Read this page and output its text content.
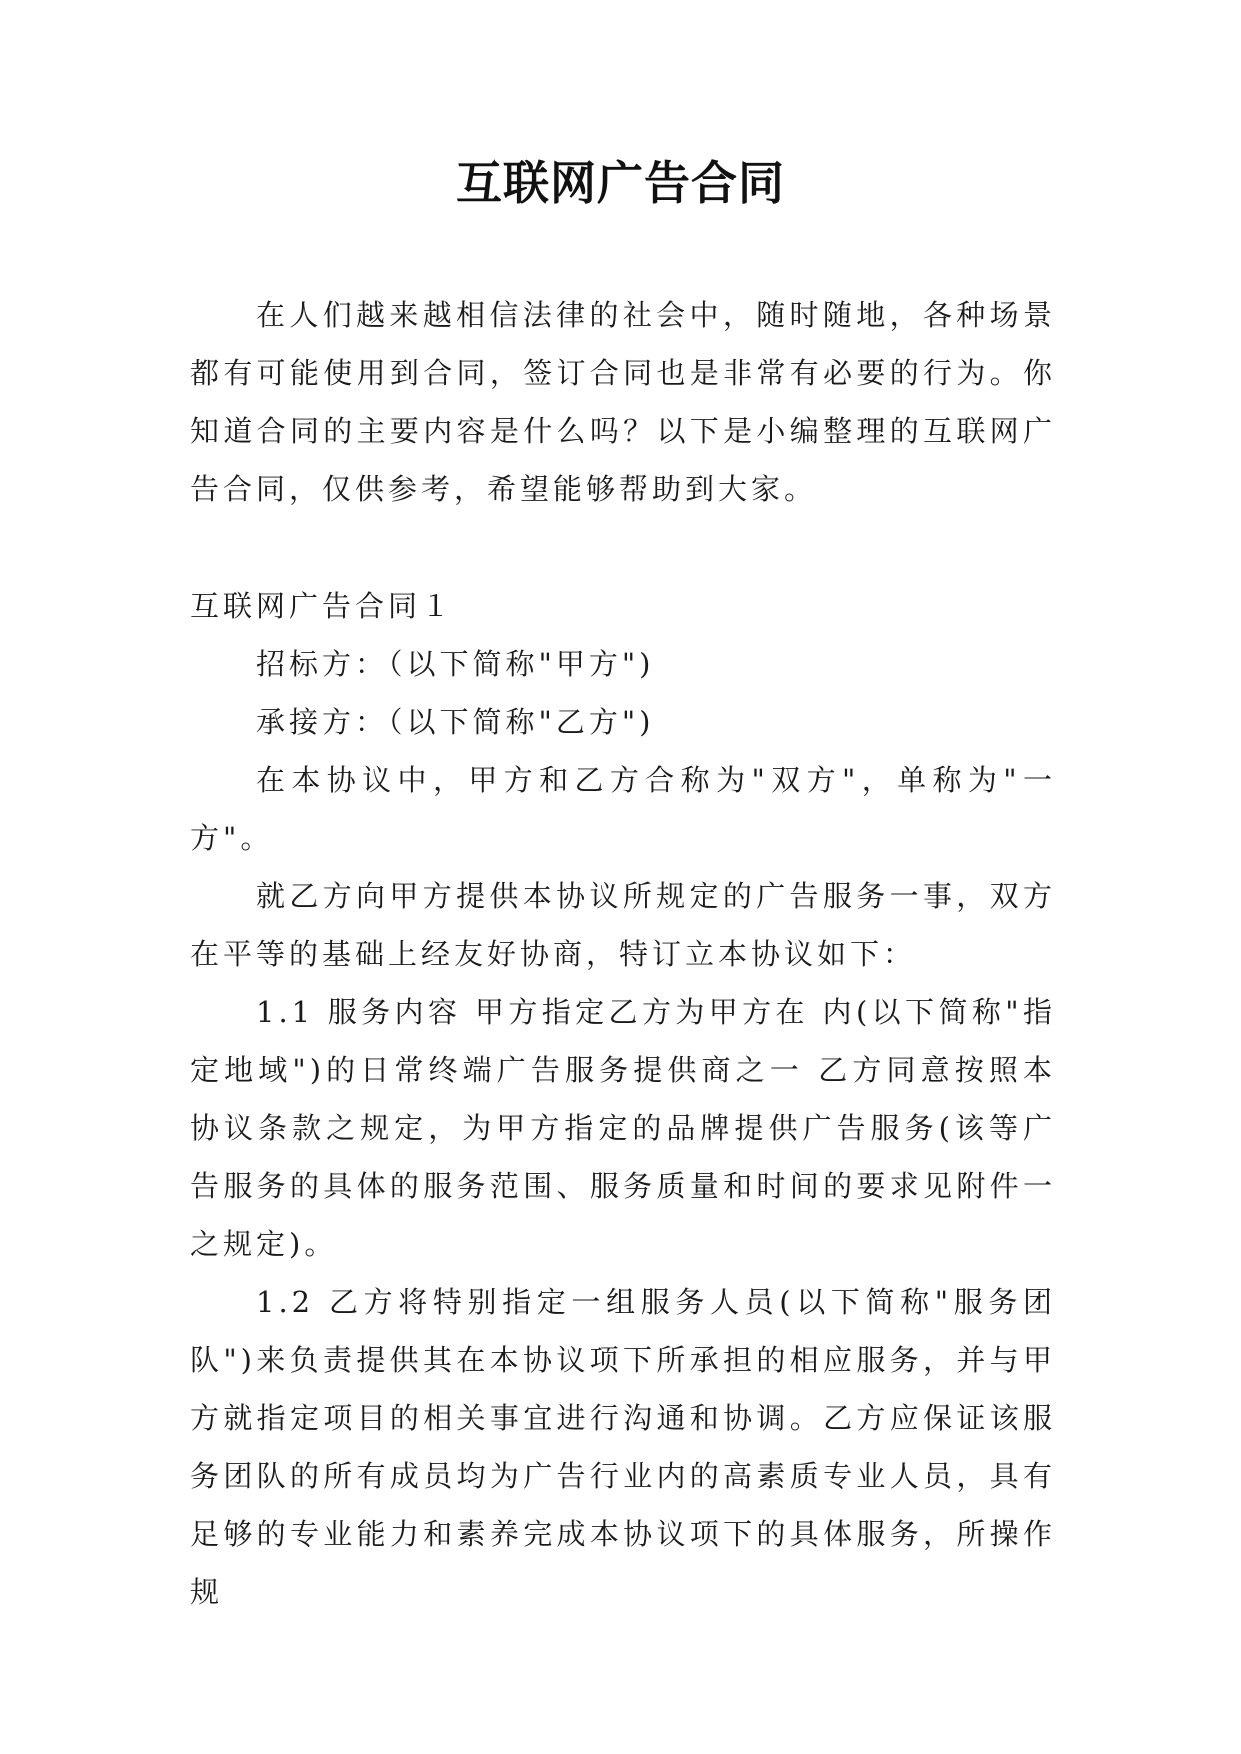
互联网广告合同

在人们越来越相信法律的社会中，随时随地，各种场景都有可能使用到合同，签订合同也是非常有必要的行为。你知道合同的主要内容是什么吗？以下是小编整理的互联网广告合同，仅供参考，希望能够帮助到大家。

互联网广告合同１

招标方：（以下简称"甲方")

承接方：（以下简称"乙方")

在本协议中，甲方和乙方合称为"双方"，单称为"一方"。

就乙方向甲方提供本协议所规定的广告服务一事，双方在平等的基础上经友好协商，特订立本协议如下：

1.1 服务内容 甲方指定乙方为甲方在 内(以下简称"指定地域")的日常终端广告服务提供商之一 乙方同意按照本协议条款之规定，为甲方指定的品牌提供广告服务(该等广告服务的具体的服务范围、服务质量和时间的要求见附件一之规定)。

1.2 乙方将特别指定一组服务人员(以下简称"服务团队")来负责提供其在本协议项下所承担的相应服务，并与甲方就指定项目的相关事宜进行沟通和协调。乙方应保证该服务团队的所有成员均为广告行业内的高素质专业人员，具有足够的专业能力和素养完成本协议项下的具体服务，所操作规
